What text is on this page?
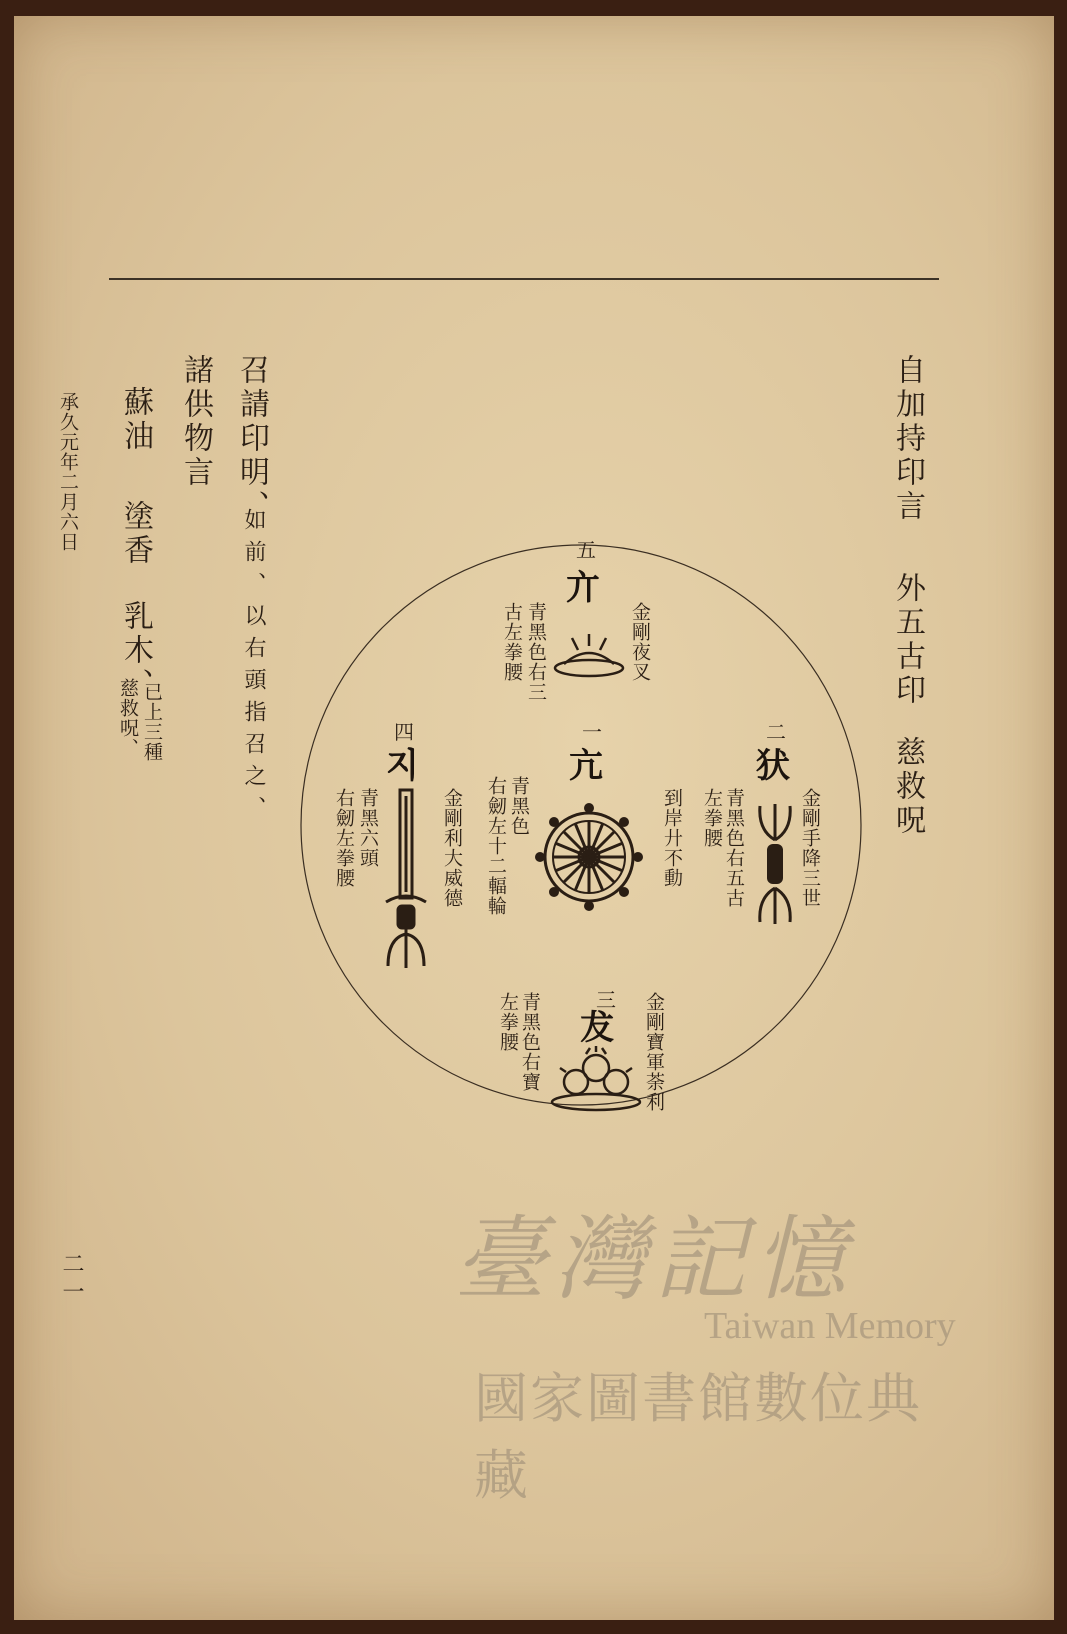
自加持印言
外五古印
慈救呪
召請印明、
如前、以右頭指召之、
諸供物言
蘇油
塗香
乳木、
已上三種
慈救呪、
承久元年二月六日
二一
一
亢
到岸廾不動
青黑色
右劒左十二輻輪
二
犾
金剛手降三世
青黑色右五古
左拳腰
三
犮 金剛寶軍荼利
青黑色右寶
左拳腰
四
지
金剛利大威德
青黑六頭
右劒左拳腰
五
亣
金剛夜叉
青黑色右三
古左拳腰
臺灣記憶
Taiwan Memory
國家圖書館數位典藏
